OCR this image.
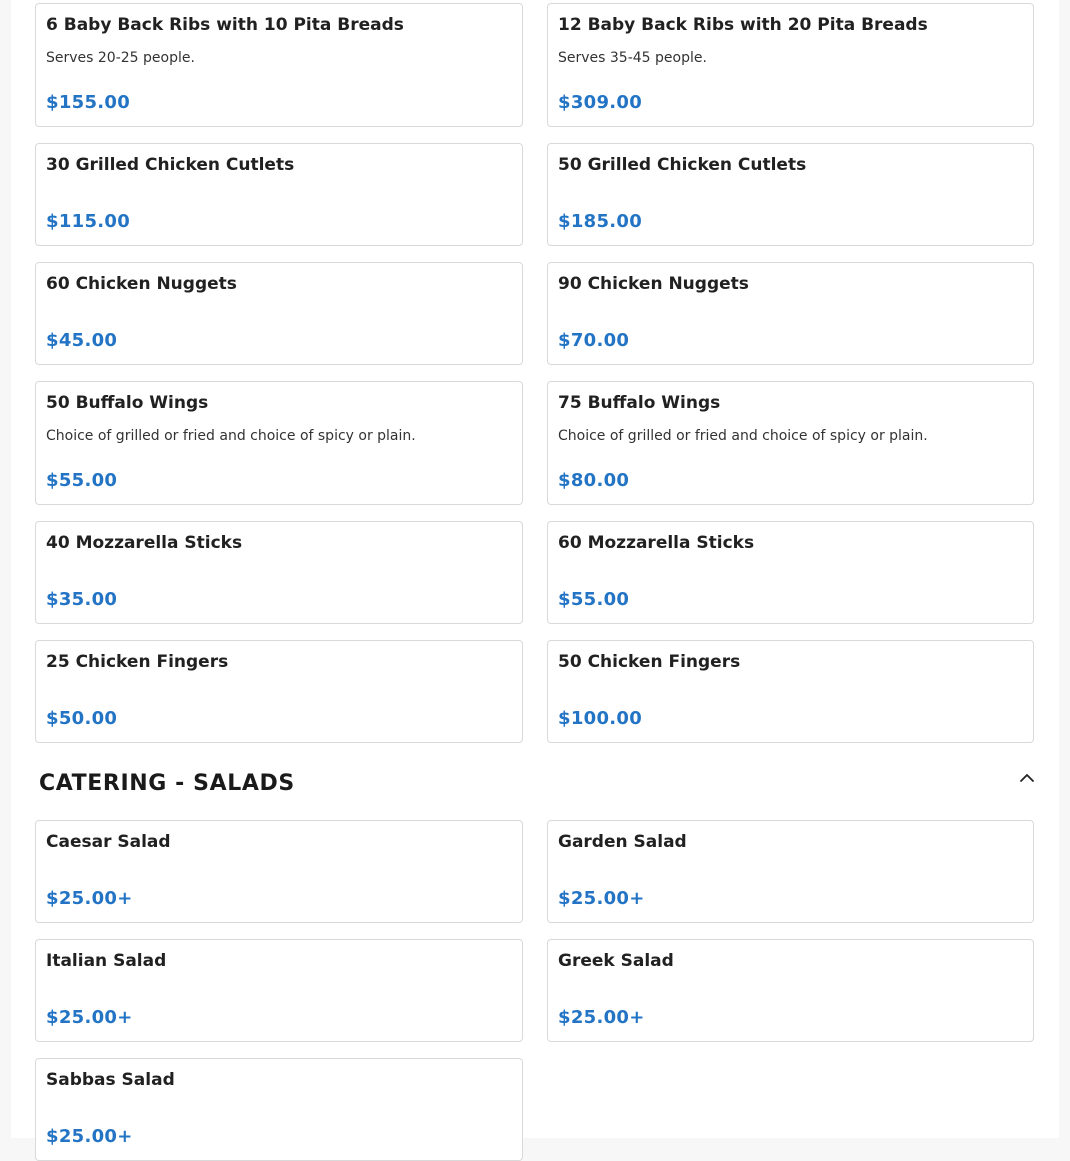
6 Baby Back Ribs with 10 Pita Breads
Serves 20-25 people.
$155.00
12 Baby Back Ribs with 20 Pita Breads
Serves 35-45 people.
$309.00
30 Grilled Chicken Cutlets
$115.00
50 Grilled Chicken Cutlets
$185.00
60 Chicken Nuggets
$45.00
90 Chicken Nuggets
$70.00
50 Buffalo Wings
Choice of grilled or fried and choice of spicy or plain.
$55.00
75 Buffalo Wings
Choice of grilled or fried and choice of spicy or plain.
$80.00
40 Mozzarella Sticks
$35.00
60 Mozzarella Sticks
$55.00
25 Chicken Fingers
$50.00
50 Chicken Fingers
$100.00
CATERING - SALADS
Caesar Salad
$25.00+
Garden Salad
$25.00+
Italian Salad
$25.00+
Greek Salad
$25.00+
Sabbas Salad
$25.00+
